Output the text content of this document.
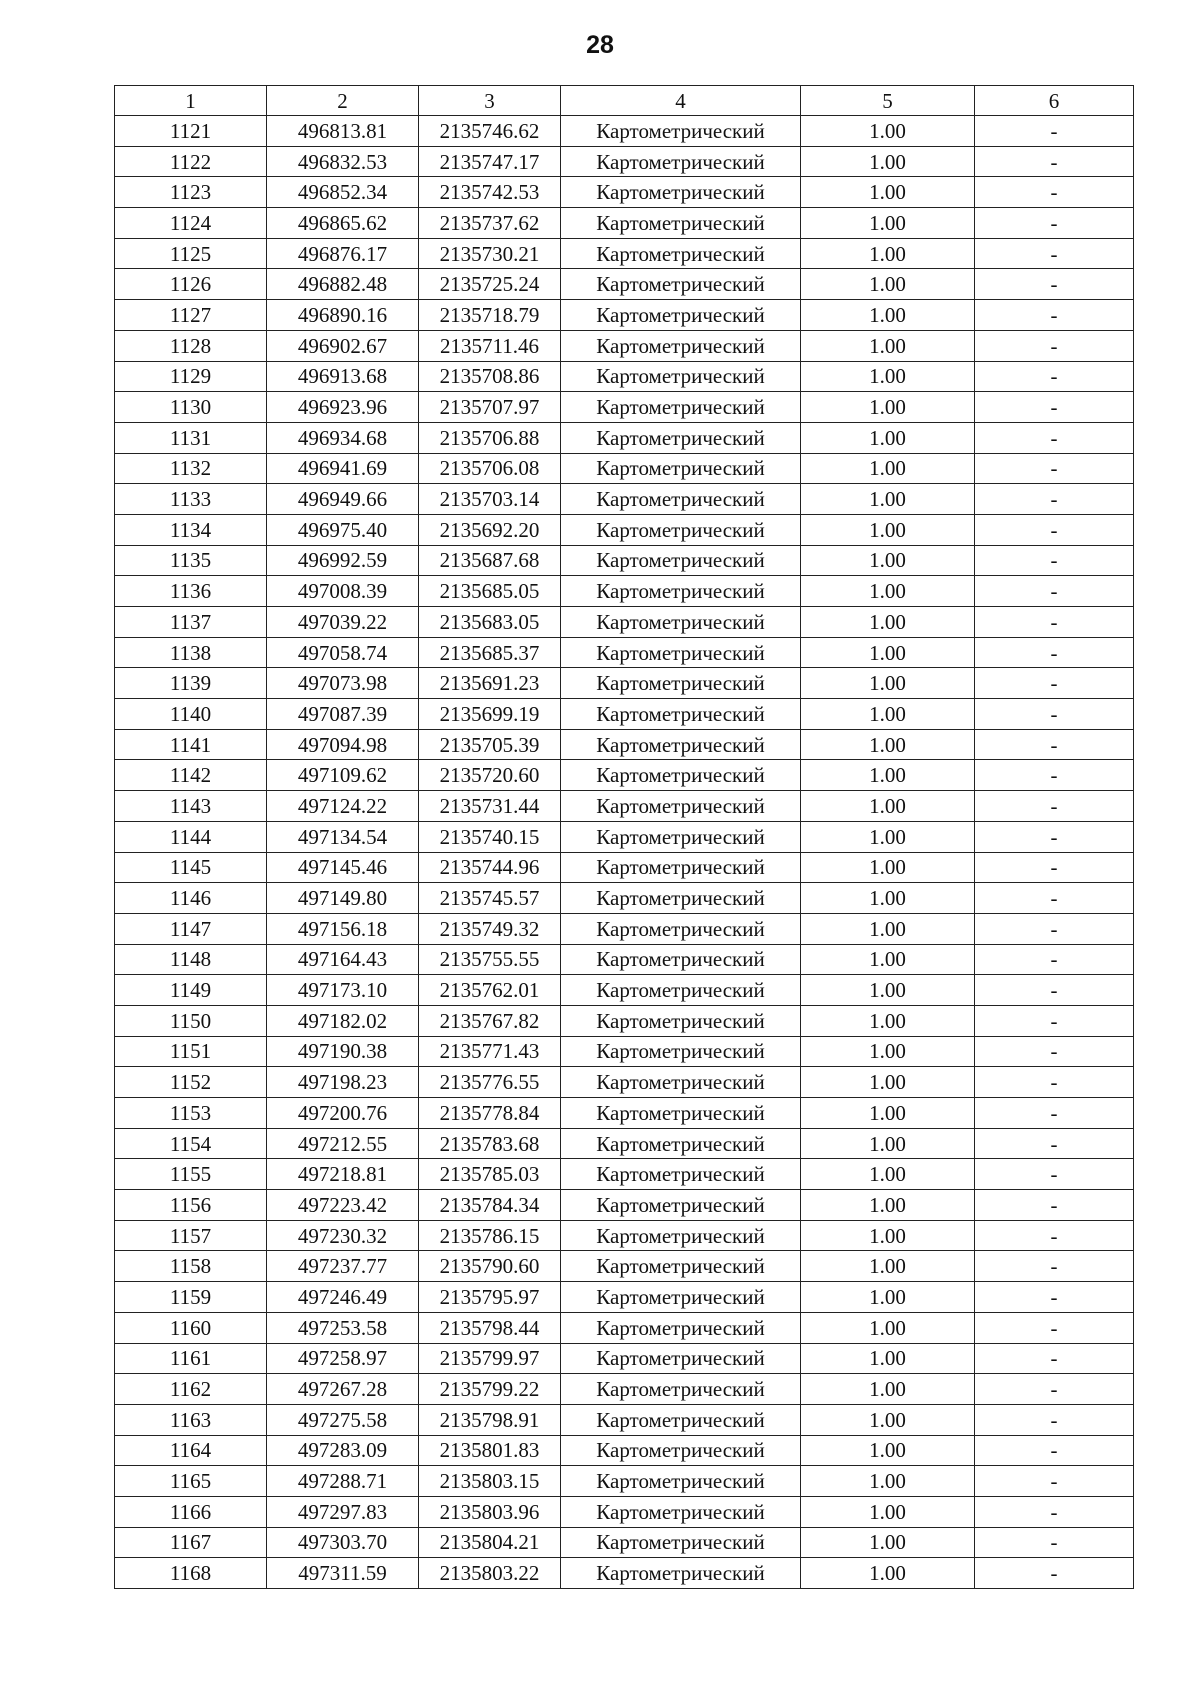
28
1	2	3	4	5	6
1121	496813.81	2135746.62	Картометрический	1.00	-
1122	496832.53	2135747.17	Картометрический	1.00	-
1123	496852.34	2135742.53	Картометрический	1.00	-
1124	496865.62	2135737.62	Картометрический	1.00	-
1125	496876.17	2135730.21	Картометрический	1.00	-
1126	496882.48	2135725.24	Картометрический	1.00	-
1127	496890.16	2135718.79	Картометрический	1.00	-
1128	496902.67	2135711.46	Картометрический	1.00	-
1129	496913.68	2135708.86	Картометрический	1.00	-
1130	496923.96	2135707.97	Картометрический	1.00	-
1131	496934.68	2135706.88	Картометрический	1.00	-
1132	496941.69	2135706.08	Картометрический	1.00	-
1133	496949.66	2135703.14	Картометрический	1.00	-
1134	496975.40	2135692.20	Картометрический	1.00	-
1135	496992.59	2135687.68	Картометрический	1.00	-
1136	497008.39	2135685.05	Картометрический	1.00	-
1137	497039.22	2135683.05	Картометрический	1.00	-
1138	497058.74	2135685.37	Картометрический	1.00	-
1139	497073.98	2135691.23	Картометрический	1.00	-
1140	497087.39	2135699.19	Картометрический	1.00	-
1141	497094.98	2135705.39	Картометрический	1.00	-
1142	497109.62	2135720.60	Картометрический	1.00	-
1143	497124.22	2135731.44	Картометрический	1.00	-
1144	497134.54	2135740.15	Картометрический	1.00	-
1145	497145.46	2135744.96	Картометрический	1.00	-
1146	497149.80	2135745.57	Картометрический	1.00	-
1147	497156.18	2135749.32	Картометрический	1.00	-
1148	497164.43	2135755.55	Картометрический	1.00	-
1149	497173.10	2135762.01	Картометрический	1.00	-
1150	497182.02	2135767.82	Картометрический	1.00	-
1151	497190.38	2135771.43	Картометрический	1.00	-
1152	497198.23	2135776.55	Картометрический	1.00	-
1153	497200.76	2135778.84	Картометрический	1.00	-
1154	497212.55	2135783.68	Картометрический	1.00	-
1155	497218.81	2135785.03	Картометрический	1.00	-
1156	497223.42	2135784.34	Картометрический	1.00	-
1157	497230.32	2135786.15	Картометрический	1.00	-
1158	497237.77	2135790.60	Картометрический	1.00	-
1159	497246.49	2135795.97	Картометрический	1.00	-
1160	497253.58	2135798.44	Картометрический	1.00	-
1161	497258.97	2135799.97	Картометрический	1.00	-
1162	497267.28	2135799.22	Картометрический	1.00	-
1163	497275.58	2135798.91	Картометрический	1.00	-
1164	497283.09	2135801.83	Картометрический	1.00	-
1165	497288.71	2135803.15	Картометрический	1.00	-
1166	497297.83	2135803.96	Картометрический	1.00	-
1167	497303.70	2135804.21	Картометрический	1.00	-
1168	497311.59	2135803.22	Картометрический	1.00	-
